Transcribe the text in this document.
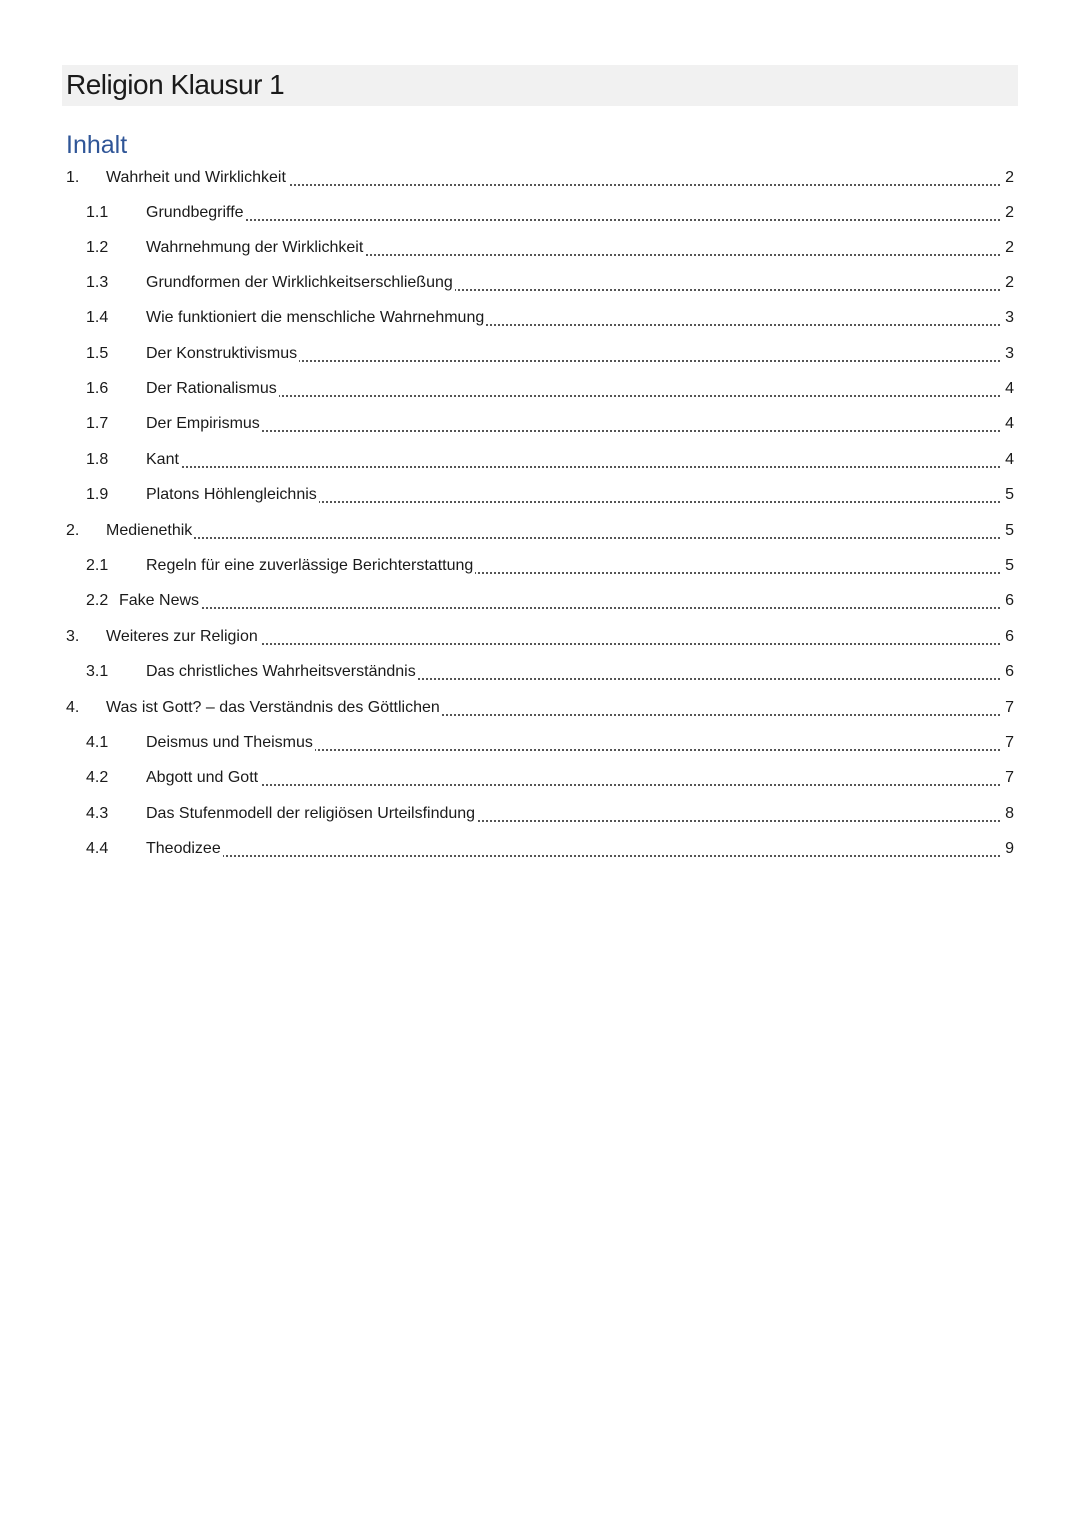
Religion Klausur 1
Inhalt
1. Wahrheit und Wirklichkeit	2
1.1 Grundbegriffe	2
1.2 Wahrnehmung der Wirklichkeit	2
1.3 Grundformen der Wirklichkeitserschließung	2
1.4 Wie funktioniert die menschliche Wahrnehmung	3
1.5 Der Konstruktivismus	3
1.6 Der Rationalismus	4
1.7 Der Empirismus	4
1.8 Kant	4
1.9 Platons Höhlengleichnis	5
2. Medienethik	5
2.1 Regeln für eine zuverlässige Berichterstattung	5
2.2 Fake News	6
3. Weiteres zur Religion	6
3.1 Das christliches Wahrheitsverständnis	6
4. Was ist Gott? – das Verständnis des Göttlichen	7
4.1 Deismus und Theismus	7
4.2 Abgott und Gott	7
4.3 Das Stufenmodell der religiösen Urteilsfindung	8
4.4 Theodizee	9
